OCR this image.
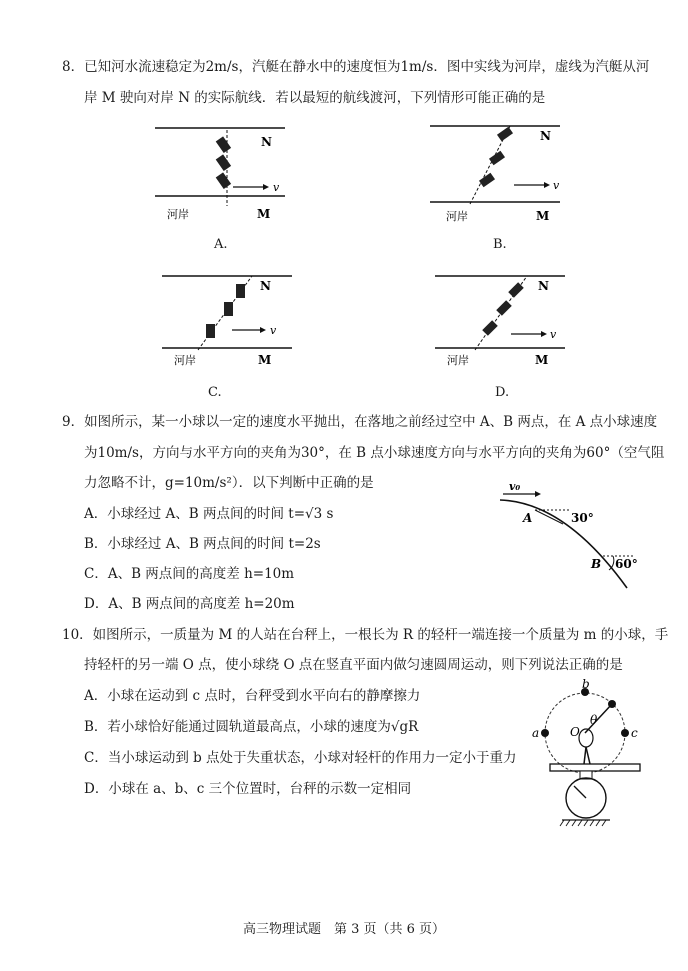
8．已知河水流速稳定为2m/s，汽艇在静水中的速度恒为1m/s．图中实线为河岸，虚线为汽艇从河
岸 M 驶向对岸 N 的实际航线．若以最短的航线渡河，下列情形可能正确的是
v
N
河岸	M
A.
v
N
河岸	M
B.
v
N
河岸	M
C.
v
N
河岸	M
D.
9．如图所示，某一小球以一定的速度水平抛出，在落地之前经过空中 A、B 两点，在 A 点小球速度
为10m/s，方向与水平方向的夹角为30°，在 B 点小球速度方向与水平方向的夹角为60°（空气阻
力忽略不计，g=10m/s²）．以下判断中正确的是
A．小球经过 A、B 两点间的时间 t=√3 s
B．小球经过 A、B 两点间的时间 t=2s
C．A、B 两点间的高度差 h=10m
D．A、B 两点间的高度差 h=20m
v₀
A	30°
B 60°
10．如图所示，一质量为 M 的人站在台秤上，一根长为 R 的轻杆一端连接一个质量为 m 的小球，手
持轻杆的另一端 O 点，使小球绕 O 点在竖直平面内做匀速圆周运动，则下列说法正确的是
A．小球在运动到 c 点时，台秤受到水平向右的静摩擦力
B．若小球恰好能通过圆轨道最高点，小球的速度为√gR
C．当小球运动到 b 点处于失重状态，小球对轻杆的作用力一定小于重力
D．小球在 a、b、c 三个位置时，台秤的示数一定相同
b
a	c
O
θ
高三物理试题　第 3 页（共 6 页）
